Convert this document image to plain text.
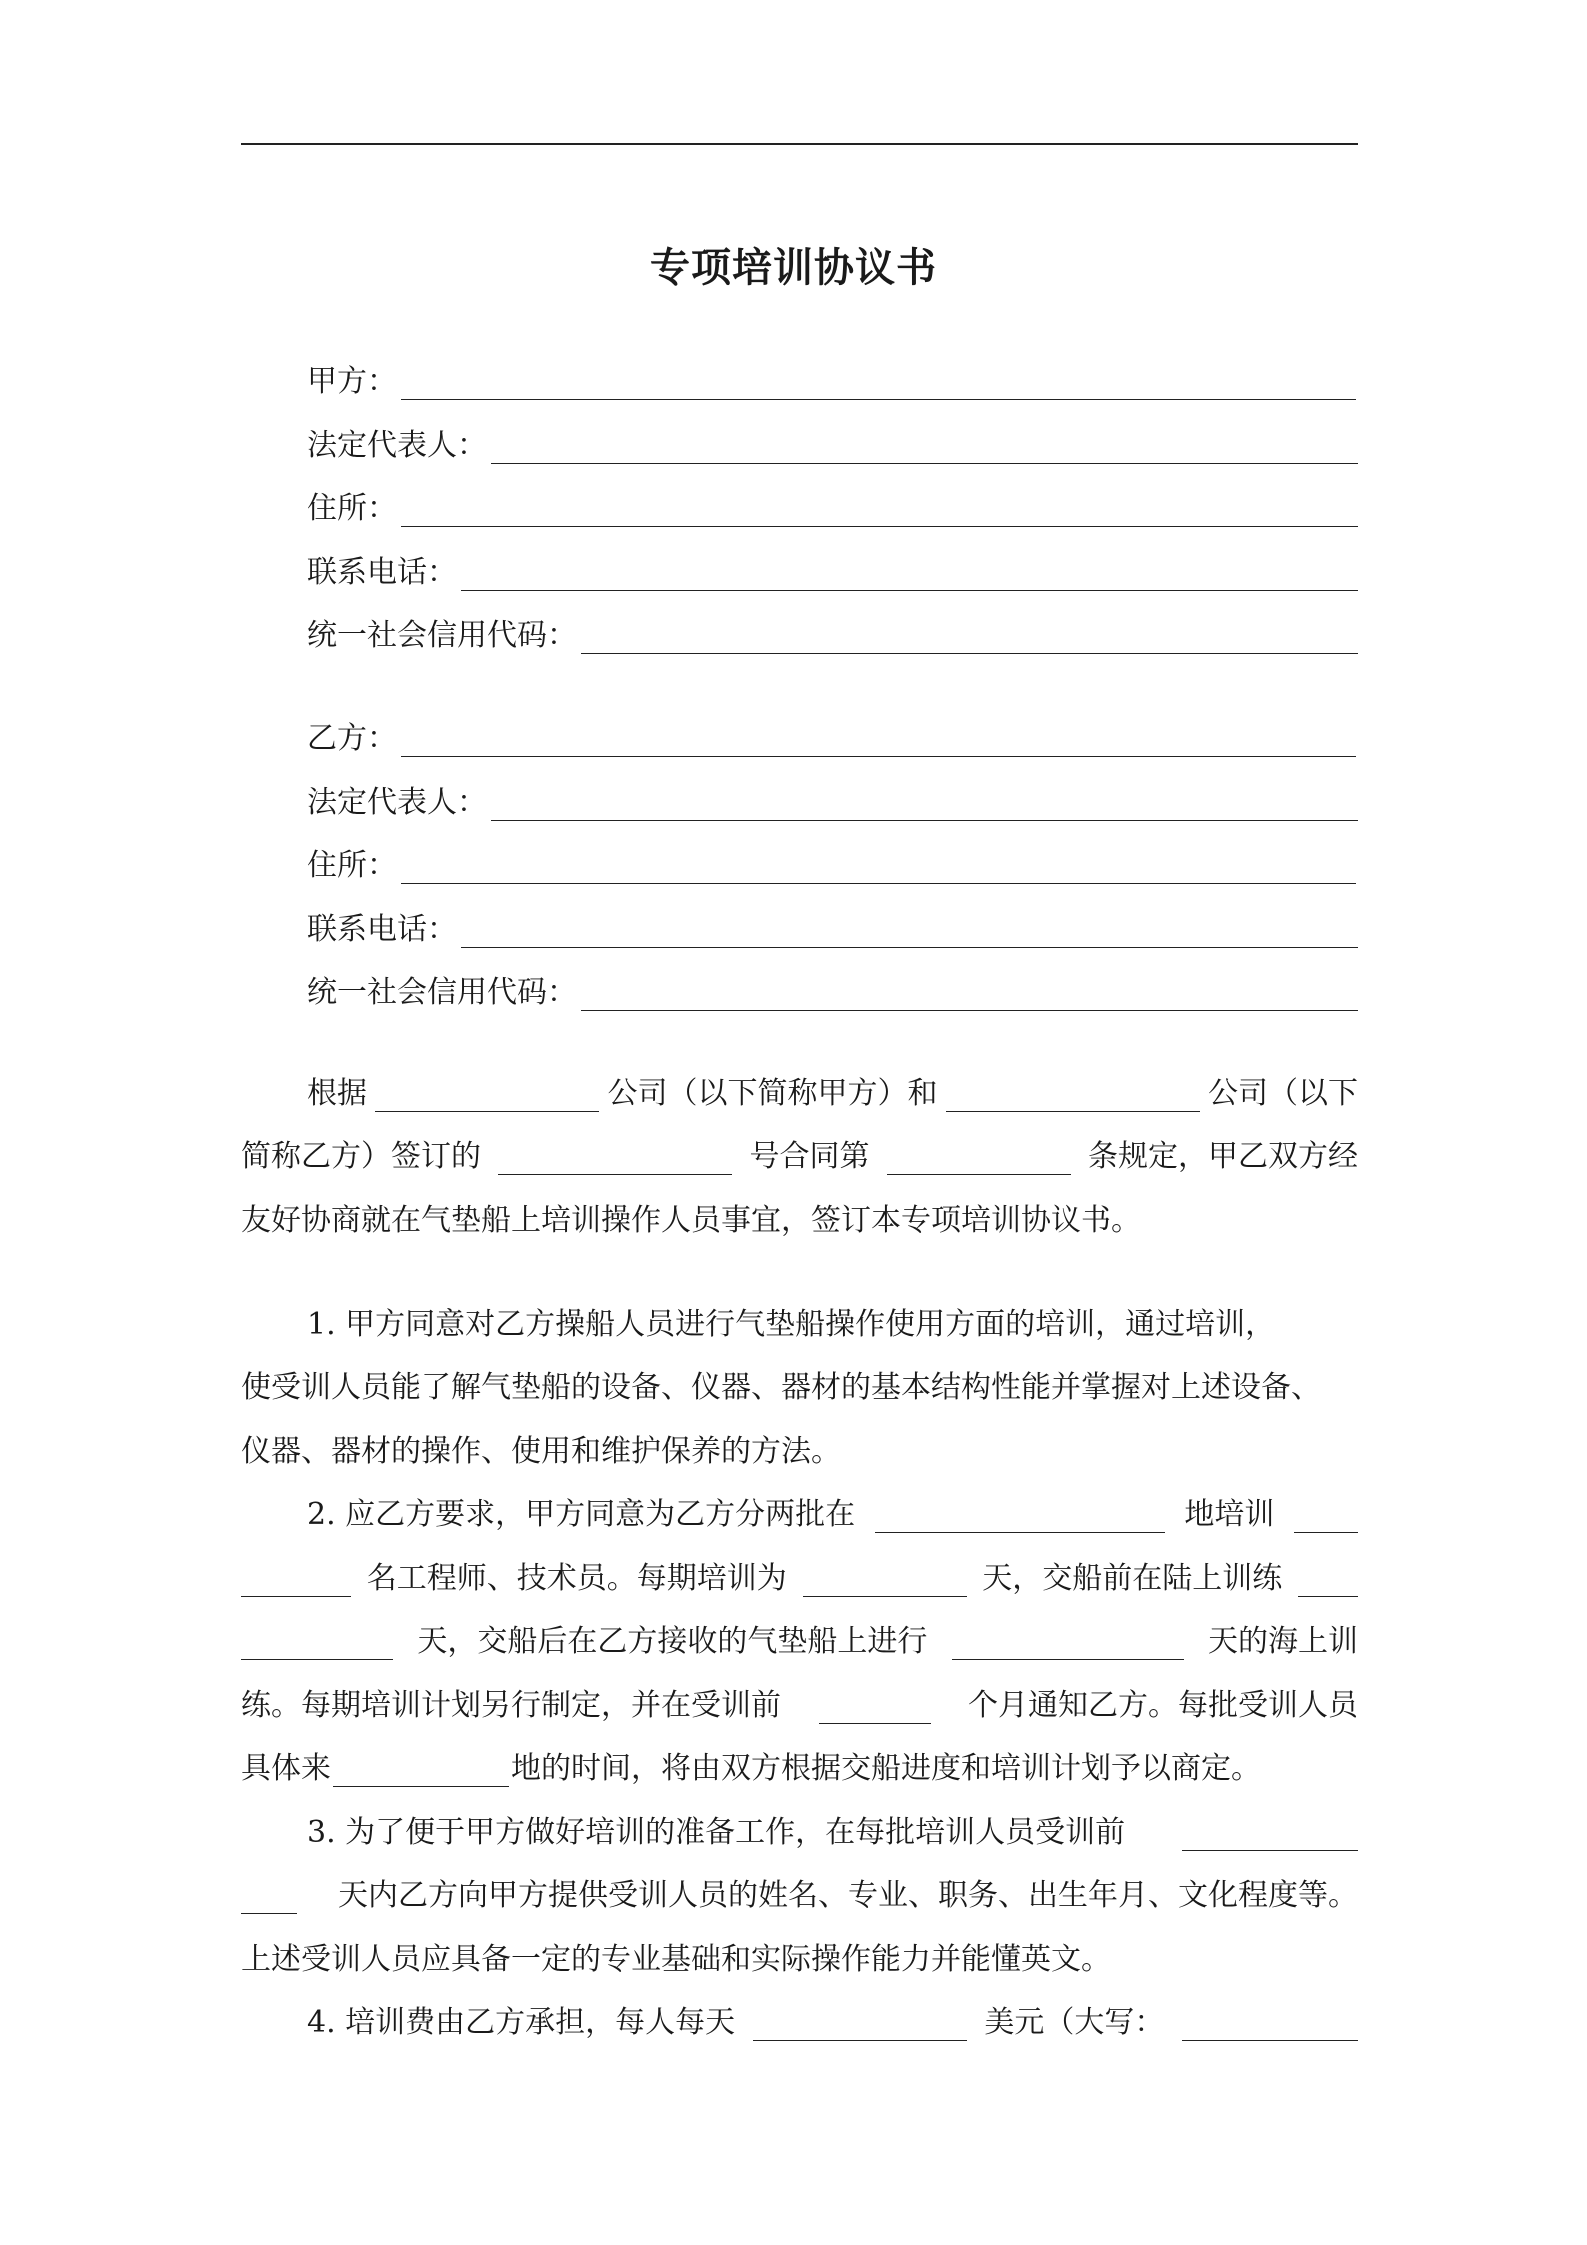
专项培训协议书
甲方：
法定代表人：
住所：
联系电话：
统一社会信用代码：
乙方：
法定代表人：
住所：
联系电话：
统一社会信用代码：
根据	公司（以下简称甲方）和	公司（以下
简称乙方）签订的	号合同第	条规定，甲乙双方经
友好协商就在气垫船上培训操作人员事宜，签订本专项培训协议书。
1. 甲方同意对乙方操船人员进行气垫船操作使用方面的培训，通过培训，
使受训人员能了解气垫船的设备、仪器、器材的基本结构性能并掌握对上述设备、
仪器、器材的操作、使用和维护保养的方法。
2. 应乙方要求，甲方同意为乙方分两批在	地培训
名工程师、技术员。每期培训为	天，交船前在陆上训练
天，交船后在乙方接收的气垫船上进行	天的海上训
练。每期培训计划另行制定，并在受训前	个月通知乙方。每批受训人员
具体来	地的时间，将由双方根据交船进度和培训计划予以商定。
3. 为了便于甲方做好培训的准备工作，在每批培训人员受训前
天内乙方向甲方提供受训人员的姓名、专业、职务、出生年月、文化程度等。
上述受训人员应具备一定的专业基础和实际操作能力并能懂英文。
4. 培训费由乙方承担，每人每天	美元（大写：
